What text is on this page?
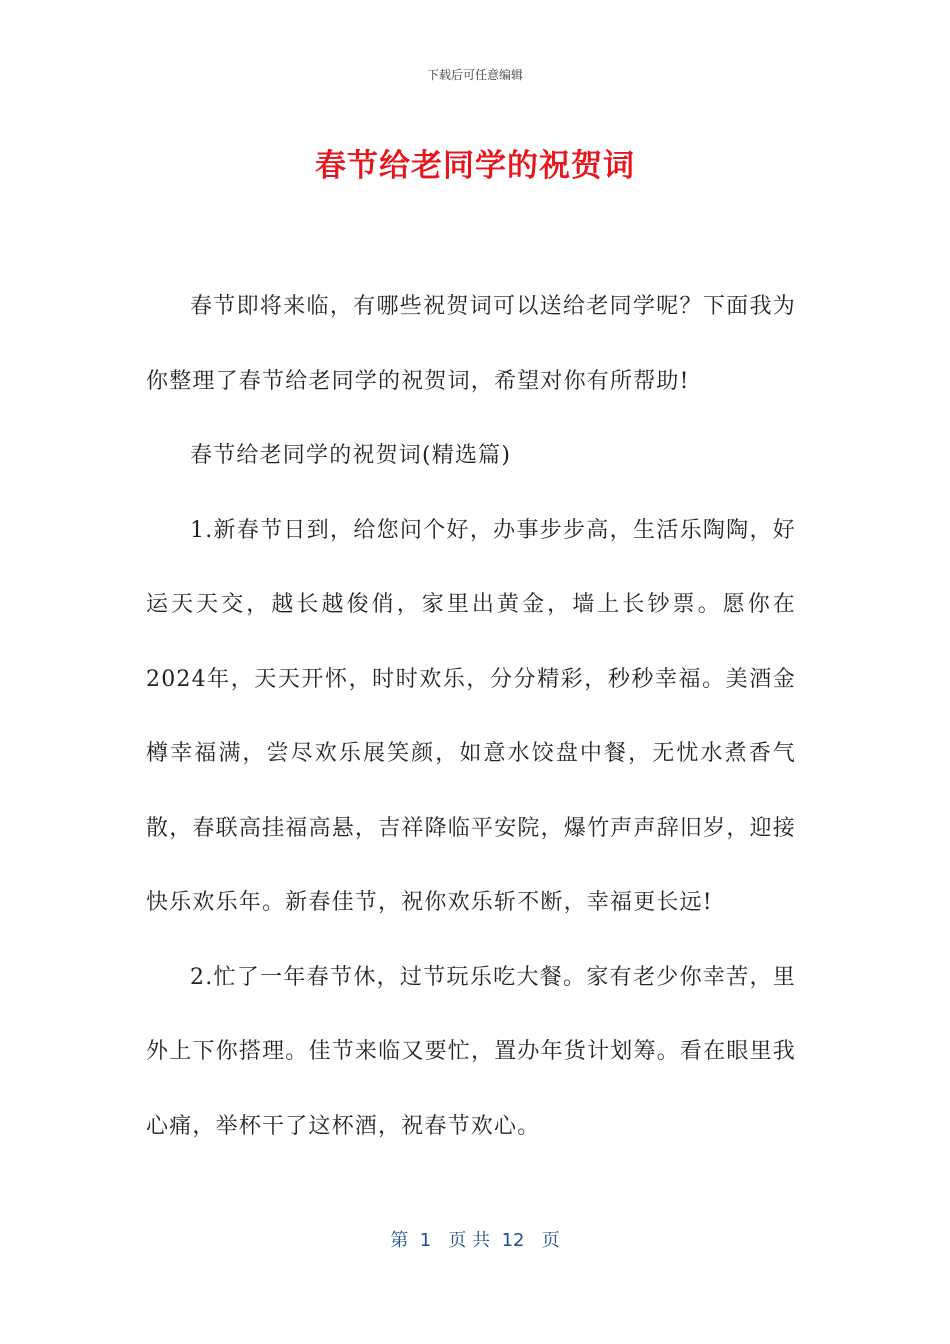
下载后可任意编辑
春节给老同学的祝贺词

春节即将来临，有哪些祝贺词可以送给老同学呢？下面我为你整理了春节给老同学的祝贺词，希望对你有所帮助!

春节给老同学的祝贺词(精选篇)

1.新春节日到，给您问个好，办事步步高，生活乐陶陶，好运天天交，越长越俊俏，家里出黄金，墙上长钞票。愿你在2024年，天天开怀，时时欢乐，分分精彩，秒秒幸福。美酒金樽幸福满，尝尽欢乐展笑颜，如意水饺盘中餐，无忧水煮香气散，春联高挂福高悬，吉祥降临平安院，爆竹声声辞旧岁，迎接快乐欢乐年。新春佳节，祝你欢乐斩不断，幸福更长远!

2.忙了一年春节休，过节玩乐吃大餐。家有老少你幸苦，里外上下你搭理。佳节来临又要忙，置办年货计划筹。看在眼里我心痛，举杯干了这杯酒，祝春节欢心。

第  1   页 共  12   页
